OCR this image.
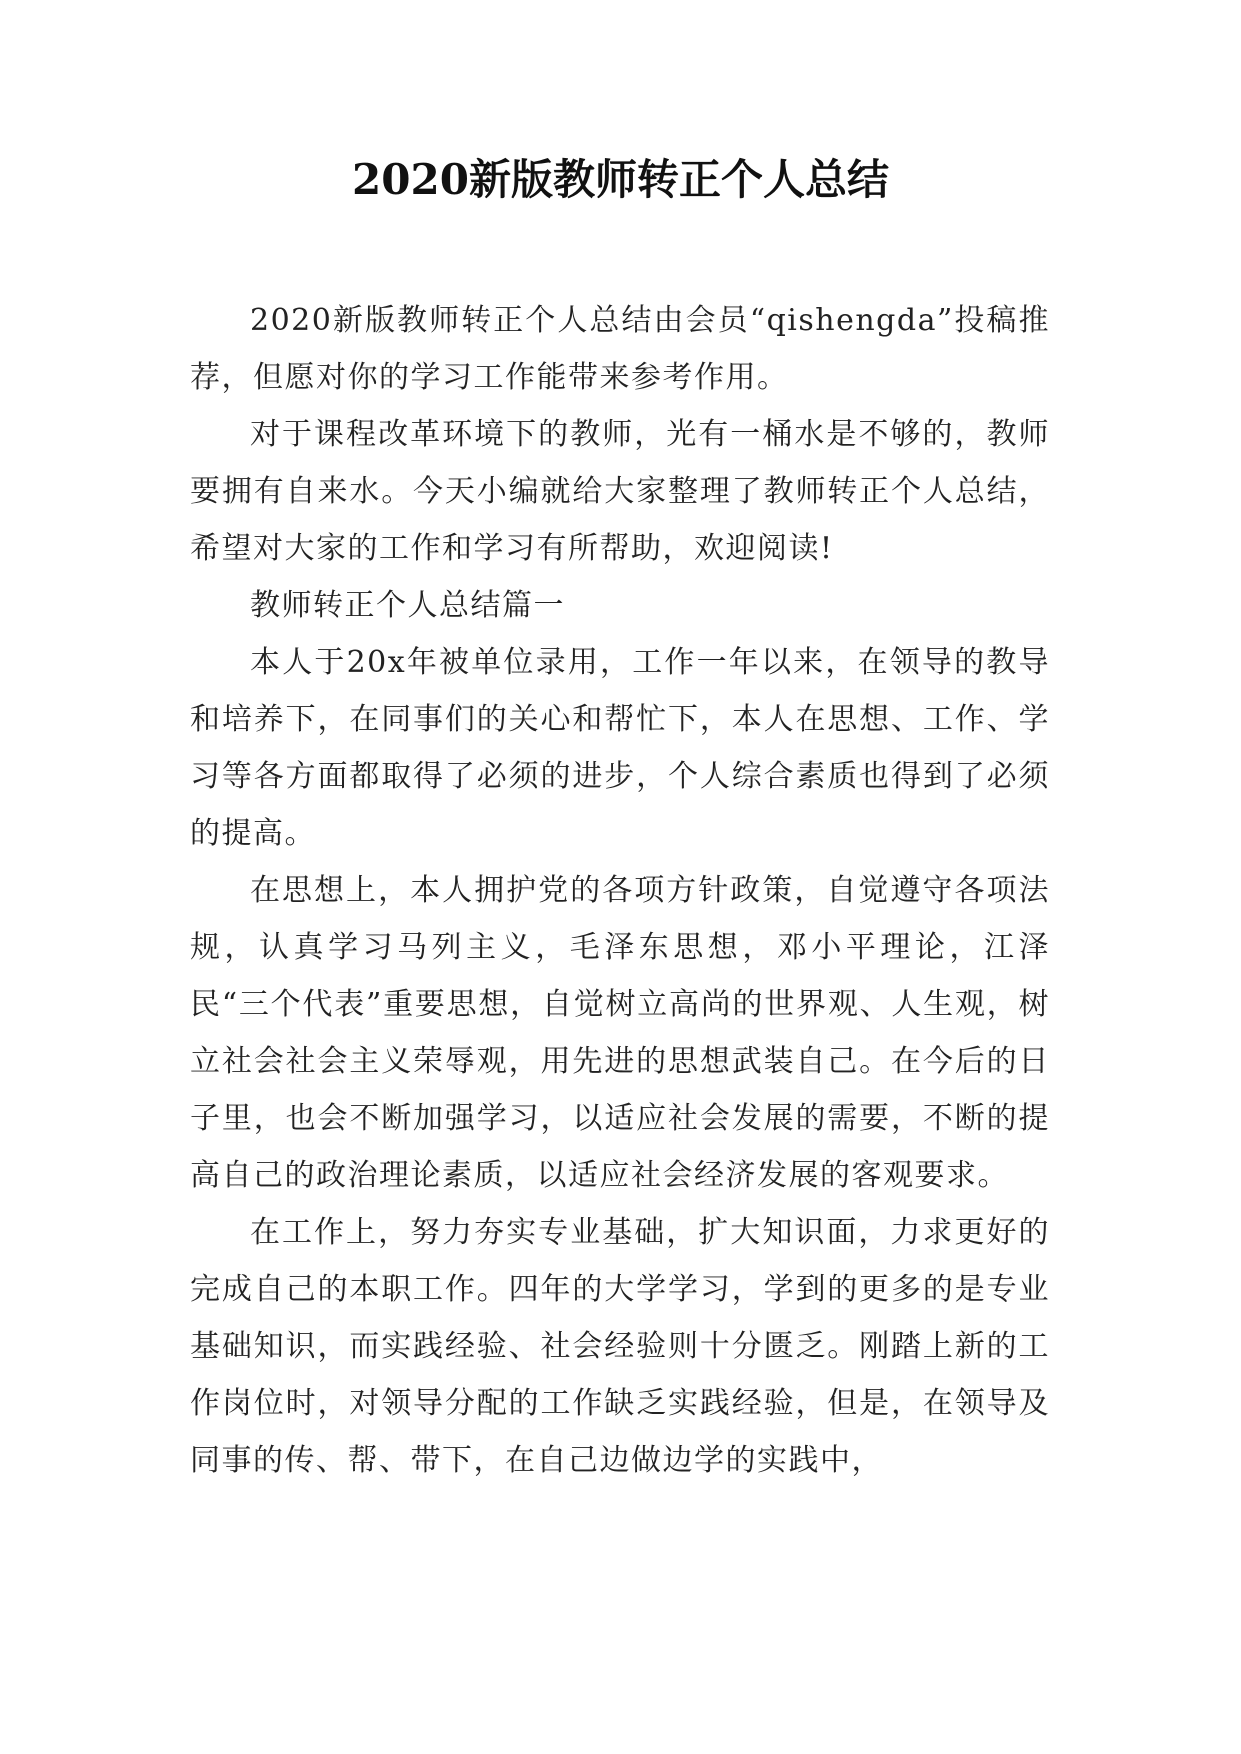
2020新版教师转正个人总结

2020新版教师转正个人总结由会员“qishengda”投稿推荐，但愿对你的学习工作能带来参考作用。

对于课程改革环境下的教师，光有一桶水是不够的，教师要拥有自来水。今天小编就给大家整理了教师转正个人总结，希望对大家的工作和学习有所帮助，欢迎阅读!

教师转正个人总结篇一

本人于20x年被单位录用，工作一年以来，在领导的教导和培养下，在同事们的关心和帮忙下，本人在思想、工作、学习等各方面都取得了必须的进步，个人综合素质也得到了必须的提高。

在思想上，本人拥护党的各项方针政策，自觉遵守各项法规，认真学习马列主义，毛泽东思想，邓小平理论，江泽民“三个代表”重要思想，自觉树立高尚的世界观、人生观，树立社会社会主义荣辱观，用先进的思想武装自己。在今后的日子里，也会不断加强学习，以适应社会发展的需要，不断的提高自己的政治理论素质，以适应社会经济发展的客观要求。

在工作上，努力夯实专业基础，扩大知识面，力求更好的完成自己的本职工作。四年的大学学习，学到的更多的是专业基础知识，而实践经验、社会经验则十分匮乏。刚踏上新的工作岗位时，对领导分配的工作缺乏实践经验，但是，在领导及同事的传、帮、带下，在自己边做边学的实践中，
